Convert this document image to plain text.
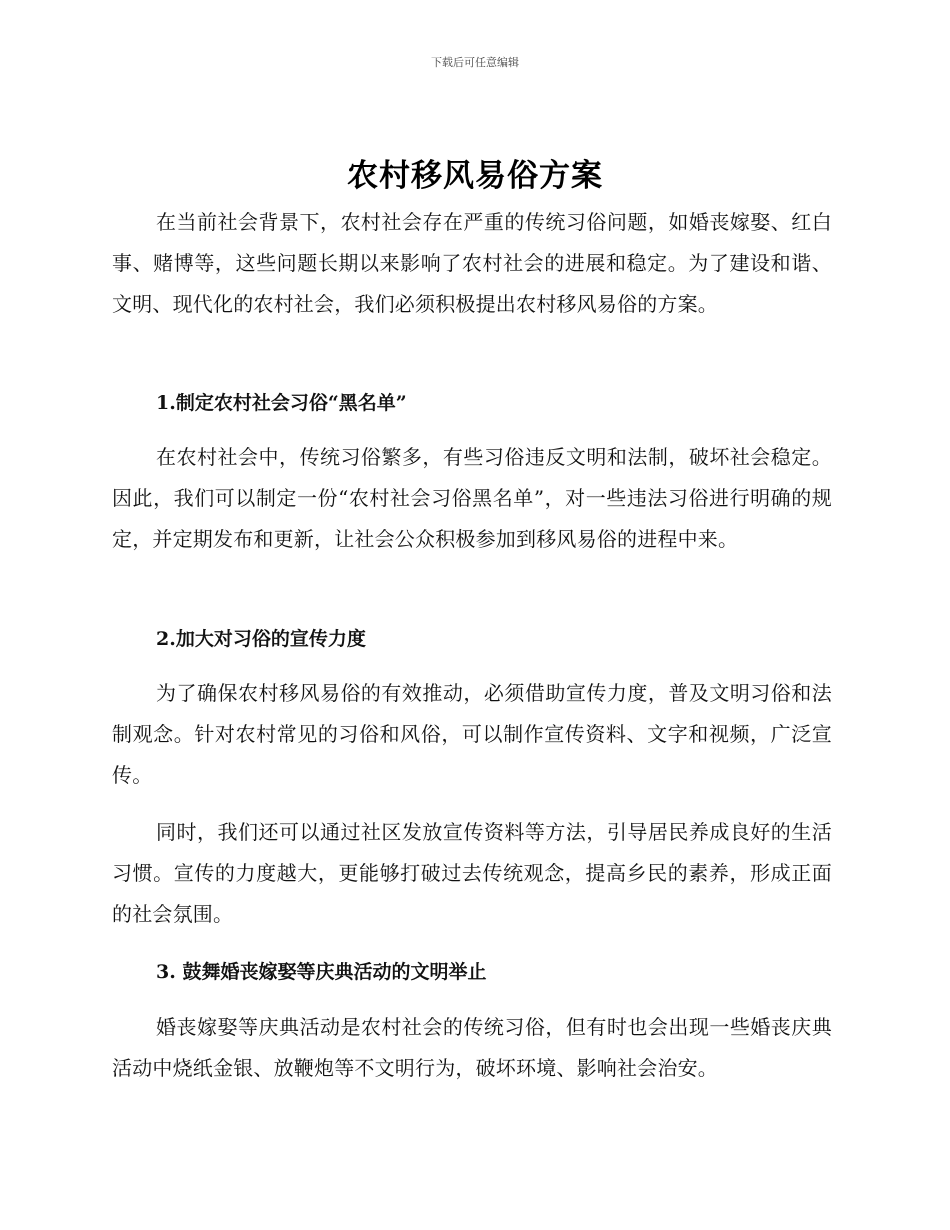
下载后可任意编辑
农村移风易俗方案

在当前社会背景下，农村社会存在严重的传统习俗问题，如婚丧嫁娶、红白事、赌博等，这些问题长期以来影响了农村社会的进展和稳定。为了建设和谐、文明、现代化的农村社会，我们必须积极提出农村移风易俗的方案。

1.制定农村社会习俗“黑名单”

在农村社会中，传统习俗繁多，有些习俗违反文明和法制，破坏社会稳定。因此，我们可以制定一份“农村社会习俗黑名单”，对一些违法习俗进行明确的规定，并定期发布和更新，让社会公众积极参加到移风易俗的进程中来。

2.加大对习俗的宣传力度

为了确保农村移风易俗的有效推动，必须借助宣传力度，普及文明习俗和法制观念。针对农村常见的习俗和风俗，可以制作宣传资料、文字和视频，广泛宣传。

同时，我们还可以通过社区发放宣传资料等方法，引导居民养成良好的生活习惯。宣传的力度越大，更能够打破过去传统观念，提高乡民的素养，形成正面的社会氛围。

3. 鼓舞婚丧嫁娶等庆典活动的文明举止

婚丧嫁娶等庆典活动是农村社会的传统习俗，但有时也会出现一些婚丧庆典活动中烧纸金银、放鞭炮等不文明行为，破坏环境、影响社会治安。
